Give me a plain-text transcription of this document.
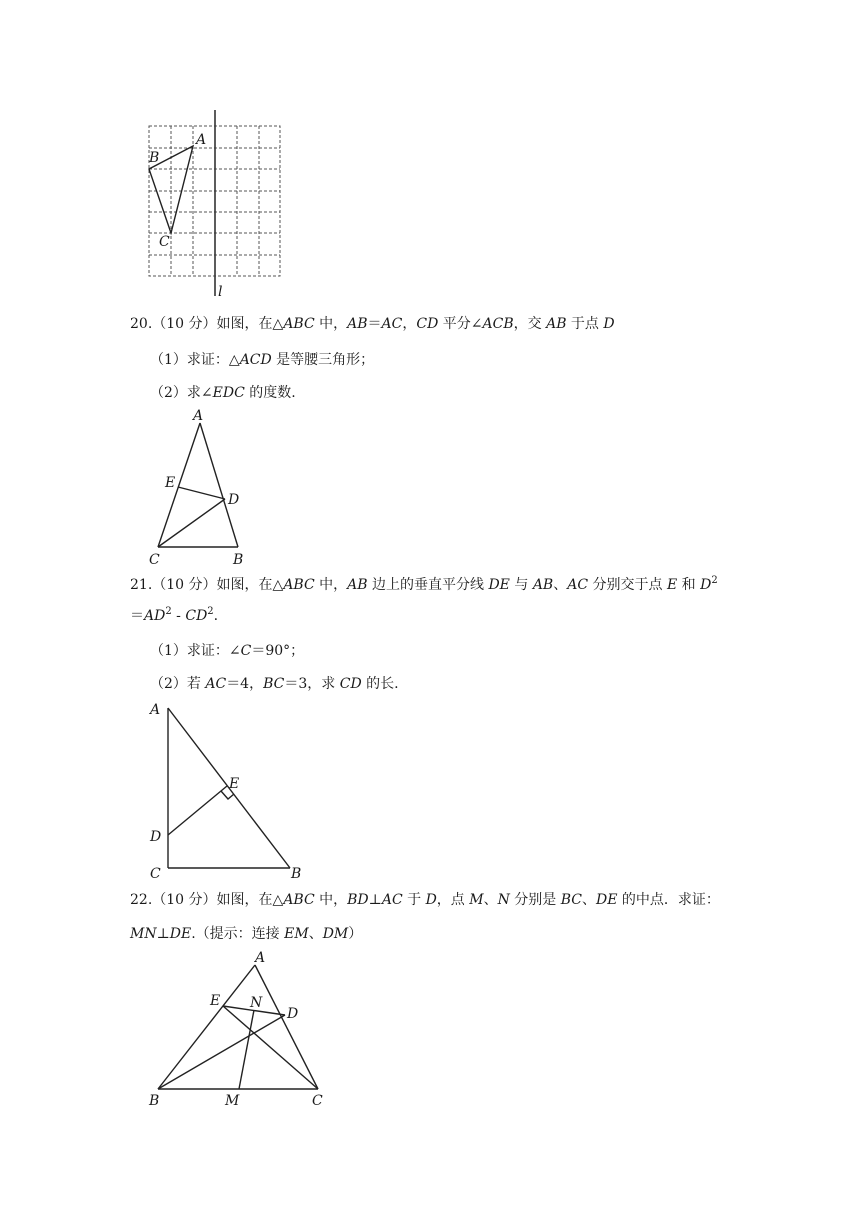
A
B
C
l
20.（10 分）如图，在△ABC 中，AB＝AC，CD 平分∠ACB，交 AB 于点 D
（1）求证：△ACD 是等腰三角形；
（2）求∠EDC 的度数.
A
E
D
C	B
21.（10 分）如图，在△ABC 中，AB 边上的垂直平分线 DE 与 AB、AC 分别交于点 E 和 $D^2$
$=AD^2 - CD^2$.
（1）求证：∠C＝90°；
（2）若 AC＝4，BC＝3，求 CD 的长.
A
E
D
C	B
22.（10 分）如图，在△ABC 中，BD⊥AC 于 D，点 M、N 分别是 BC、DE 的中点．求证：
MN⊥DE.（提示：连接 EM、DM）
A
E N
D
B	M	C
